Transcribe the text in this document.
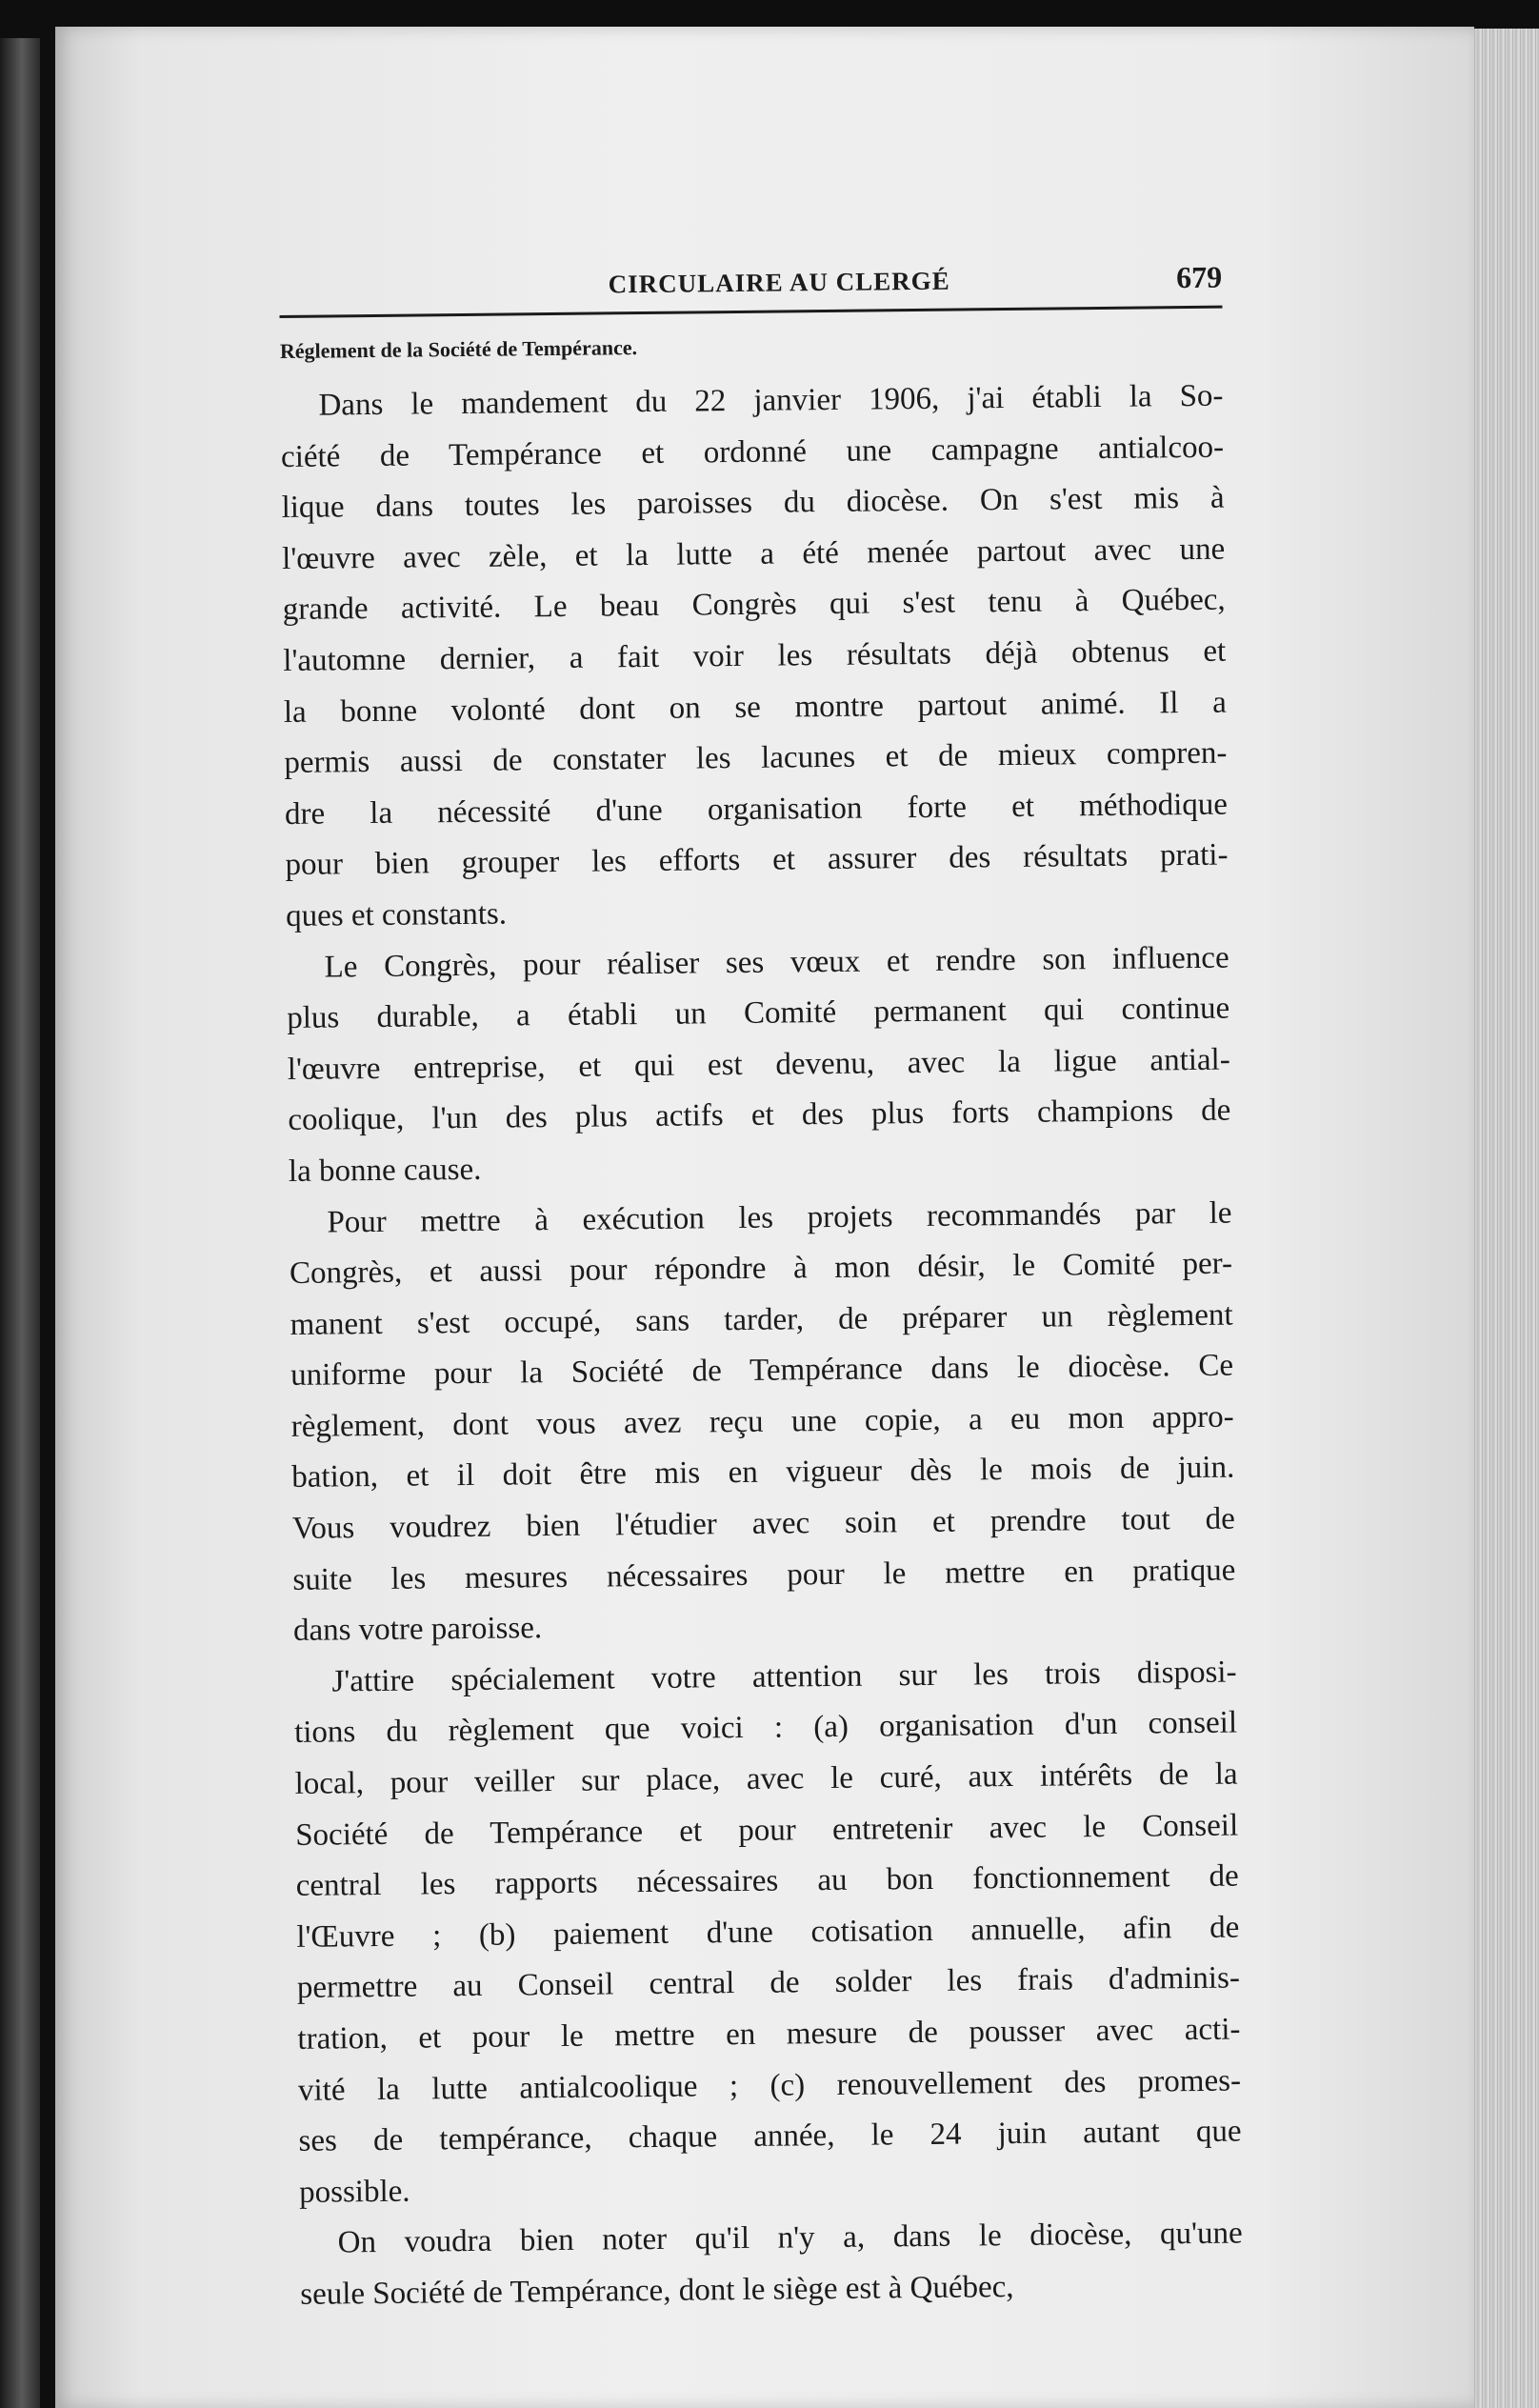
CIRCULAIRE AU CLERGÉ	679
Réglement de la Société de Tempérance.

Dans le mandement du 22 janvier 1906, j'ai établi la So-
ciété de Tempérance et ordonné une campagne antialcoo-
lique dans toutes les paroisses du diocèse. On s'est mis à
l'œuvre avec zèle, et la lutte a été menée partout avec une
grande activité. Le beau Congrès qui s'est tenu à Québec,
l'automne dernier, a fait voir les résultats déjà obtenus et
la bonne volonté dont on se montre partout animé. Il a
permis aussi de constater les lacunes et de mieux compren-
dre la nécessité d'une organisation forte et méthodique
pour bien grouper les efforts et assurer des résultats prati-
ques et constants.

Le Congrès, pour réaliser ses vœux et rendre son influence
plus durable, a établi un Comité permanent qui continue
l'œuvre entreprise, et qui est devenu, avec la ligue antial-
coolique, l'un des plus actifs et des plus forts champions de
la bonne cause.

Pour mettre à exécution les projets recommandés par le
Congrès, et aussi pour répondre à mon désir, le Comité per-
manent s'est occupé, sans tarder, de préparer un règlement
uniforme pour la Société de Tempérance dans le diocèse. Ce
règlement, dont vous avez reçu une copie, a eu mon appro-
bation, et il doit être mis en vigueur dès le mois de juin.
Vous voudrez bien l'étudier avec soin et prendre tout de
suite les mesures nécessaires pour le mettre en pratique
dans votre paroisse.

J'attire spécialement votre attention sur les trois disposi-
tions du règlement que voici : (a) organisation d'un conseil
local, pour veiller sur place, avec le curé, aux intérêts de la
Société de Tempérance et pour entretenir avec le Conseil
central les rapports nécessaires au bon fonctionnement de
l'Œuvre ; (b) paiement d'une cotisation annuelle, afin de
permettre au Conseil central de solder les frais d'adminis-
tration, et pour le mettre en mesure de pousser avec acti-
vité la lutte antialcoolique ; (c) renouvellement des promes-
ses de tempérance, chaque année, le 24 juin autant que
possible.

On voudra bien noter qu'il n'y a, dans le diocèse, qu'une
seule Société de Tempérance, dont le siège est à Québec,
